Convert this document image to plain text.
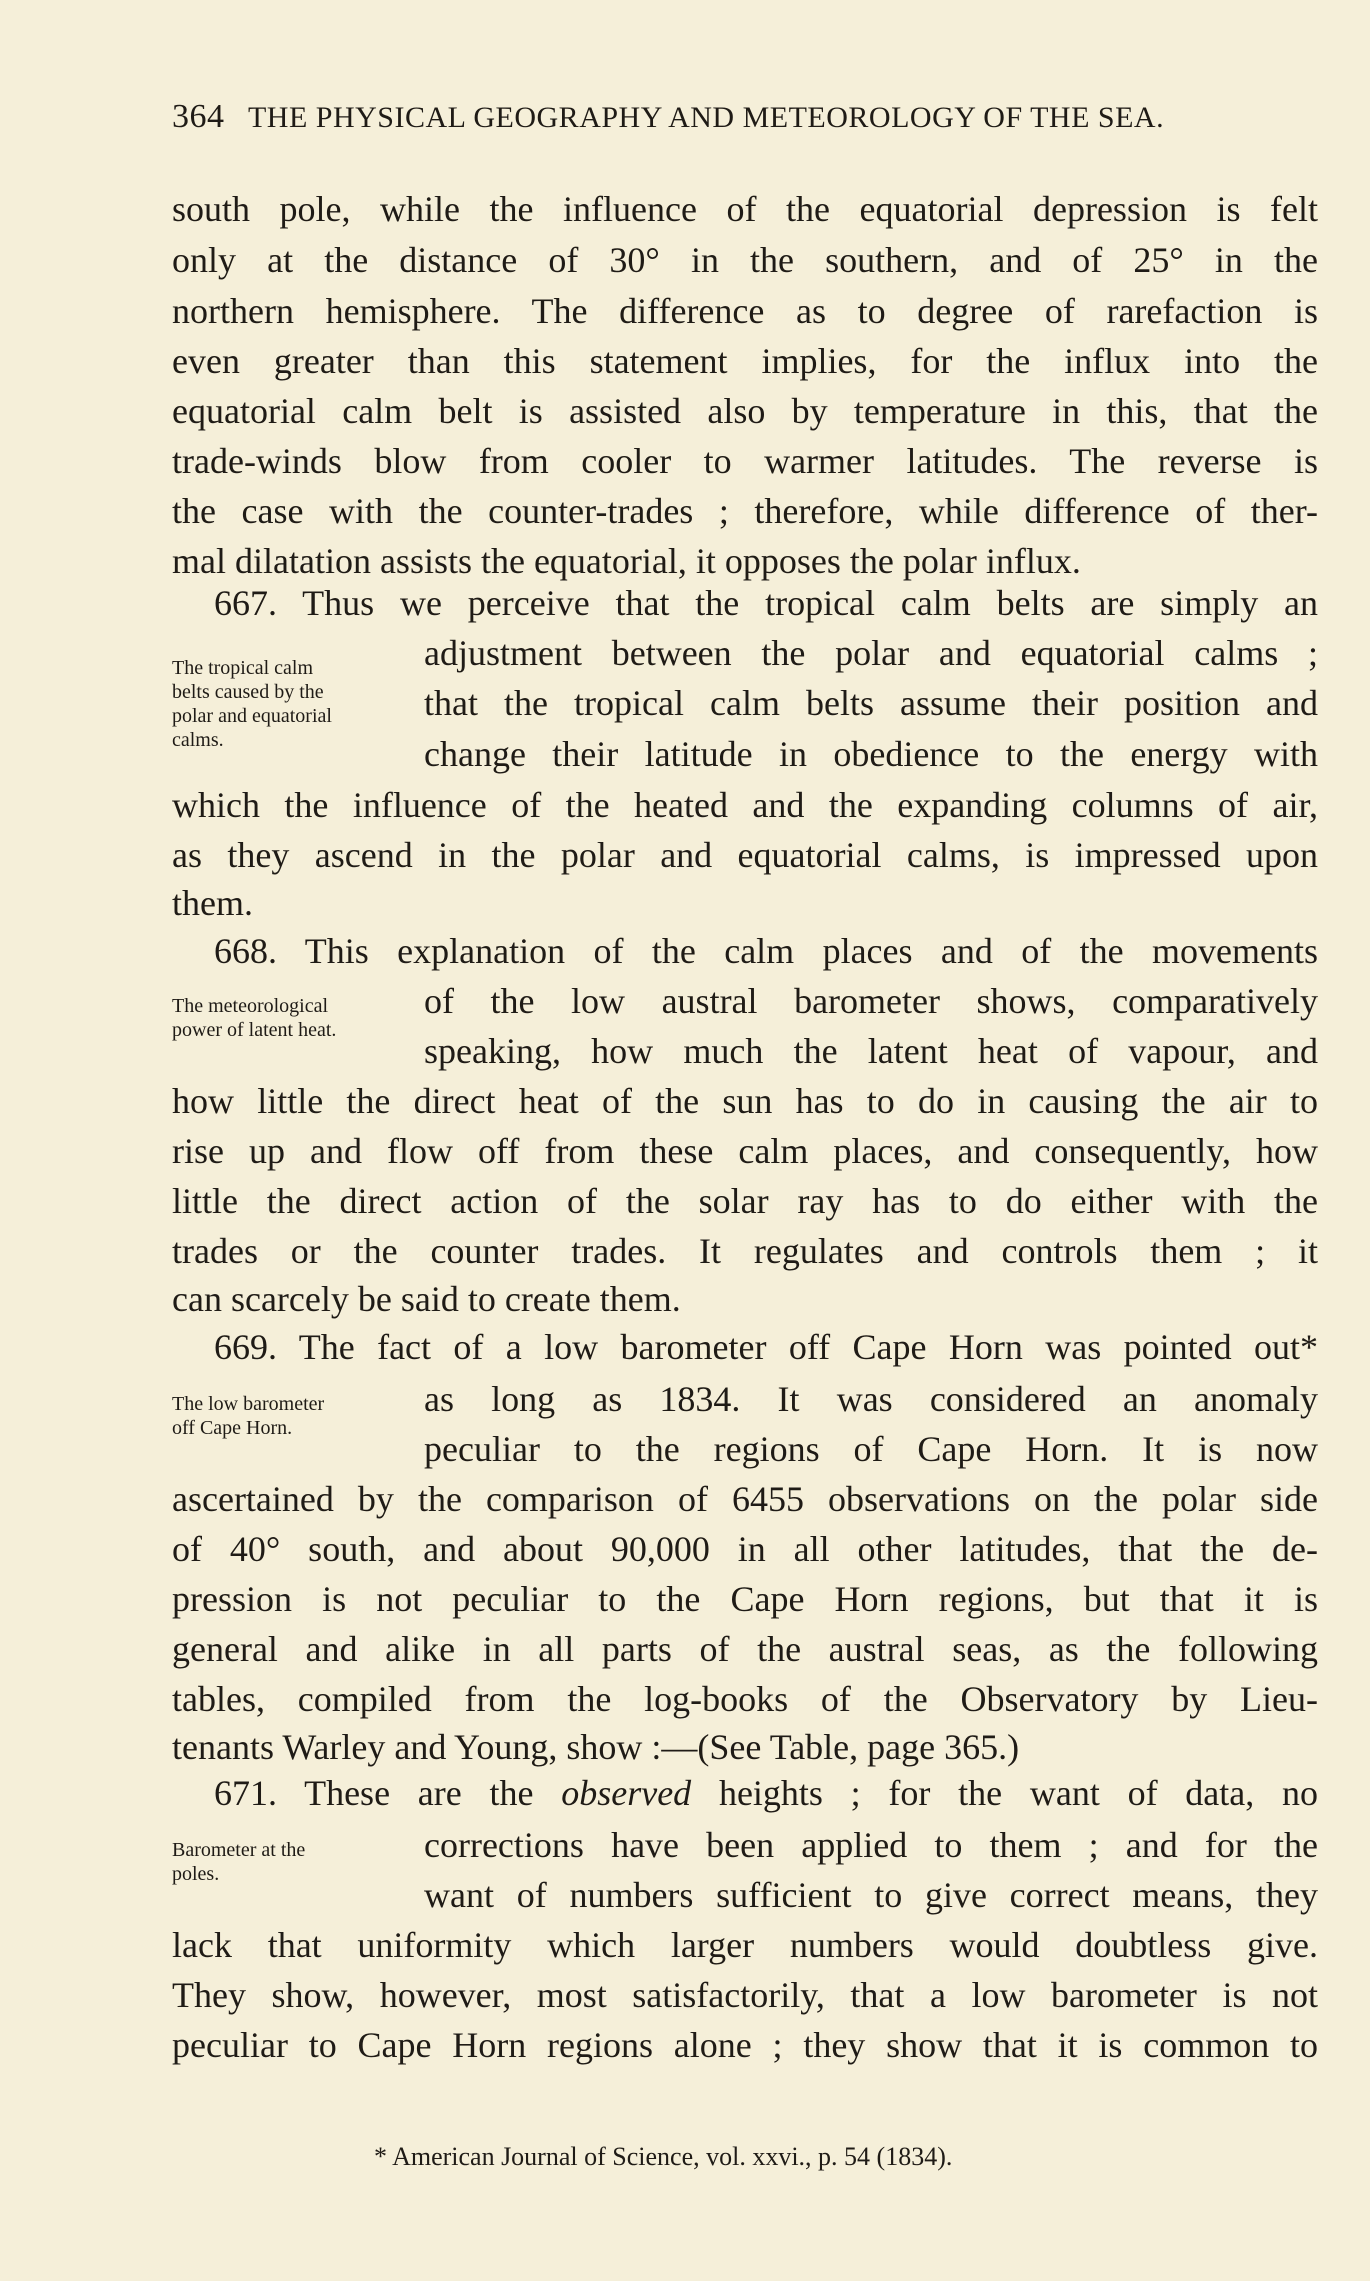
364 THE PHYSICAL GEOGRAPHY AND METEOROLOGY OF THE SEA.
south pole, while the influence of the equatorial depression is felt
only at the distance of 30° in the southern, and of 25° in the
northern hemisphere. The difference as to degree of rarefaction is
even greater than this statement implies, for the influx into the
equatorial calm belt is assisted also by temperature in this, that the
trade-winds blow from cooler to warmer latitudes. The reverse is
the case with the counter-trades ; therefore, while difference of ther-
mal dilatation assists the equatorial, it opposes the polar influx.
667. Thus we perceive that the tropical calm belts are simply an
adjustment between the polar and equatorial calms ;
that the tropical calm belts assume their position and
change their latitude in obedience to the energy with
which the influence of the heated and the expanding columns of air,
as they ascend in the polar and equatorial calms, is impressed upon
them.
The tropical calm
belts caused by the
polar and equatorial
calms.
668. This explanation of the calm places and of the movements
of the low austral barometer shows, comparatively
speaking, how much the latent heat of vapour, and
how little the direct heat of the sun has to do in causing the air to
rise up and flow off from these calm places, and consequently, how
little the direct action of the solar ray has to do either with the
trades or the counter trades. It regulates and controls them ; it
can scarcely be said to create them.
The meteorological
power of latent heat.
669. The fact of a low barometer off Cape Horn was pointed out*
as long as 1834. It was considered an anomaly
peculiar to the regions of Cape Horn. It is now
ascertained by the comparison of 6455 observations on the polar side
of 40° south, and about 90,000 in all other latitudes, that the de-
pression is not peculiar to the Cape Horn regions, but that it is
general and alike in all parts of the austral seas, as the following
tables, compiled from the log-books of the Observatory by Lieu-
tenants Warley and Young, show :—(See Table, page 365.)
The low barometer
off Cape Horn.
671. These are the observed heights ; for the want of data, no
corrections have been applied to them ; and for the
want of numbers sufficient to give correct means, they
lack that uniformity which larger numbers would doubtless give.
They show, however, most satisfactorily, that a low barometer is not
peculiar to Cape Horn regions alone ; they show that it is common to
Barometer at the
poles.
* American Journal of Science, vol. xxvi., p. 54 (1834).
